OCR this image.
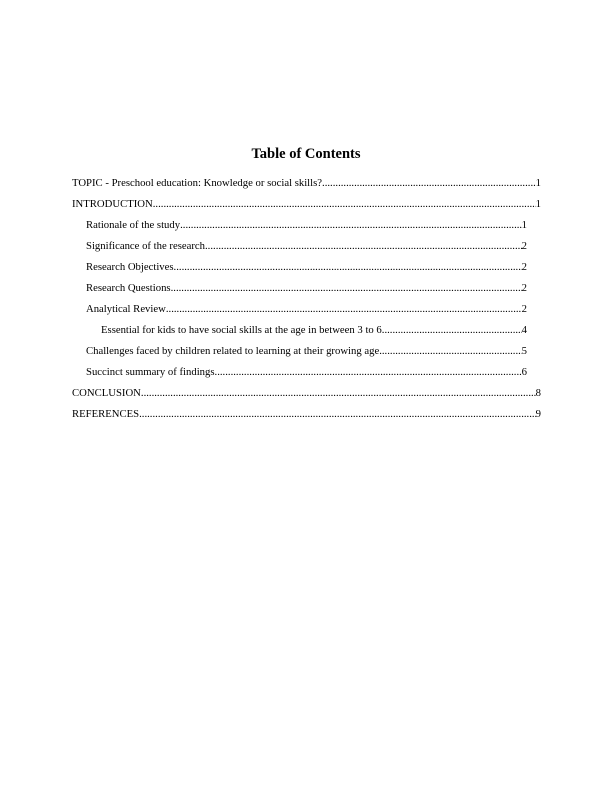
Table of Contents
TOPIC - Preschool education: Knowledge or social skills? .....	1
INTRODUCTION .....	1
Rationale of the study .....	1
Significance of the research .....	2
Research Objectives .....	2
Research Questions .....	2
Analytical Review .....	2
Essential for kids to have social skills at the age in between 3 to 6 .....	4
Challenges faced by children related to learning at their growing age .....	5
Succinct summary of findings .....	6
CONCLUSION .....	8
REFERENCES .....	9
